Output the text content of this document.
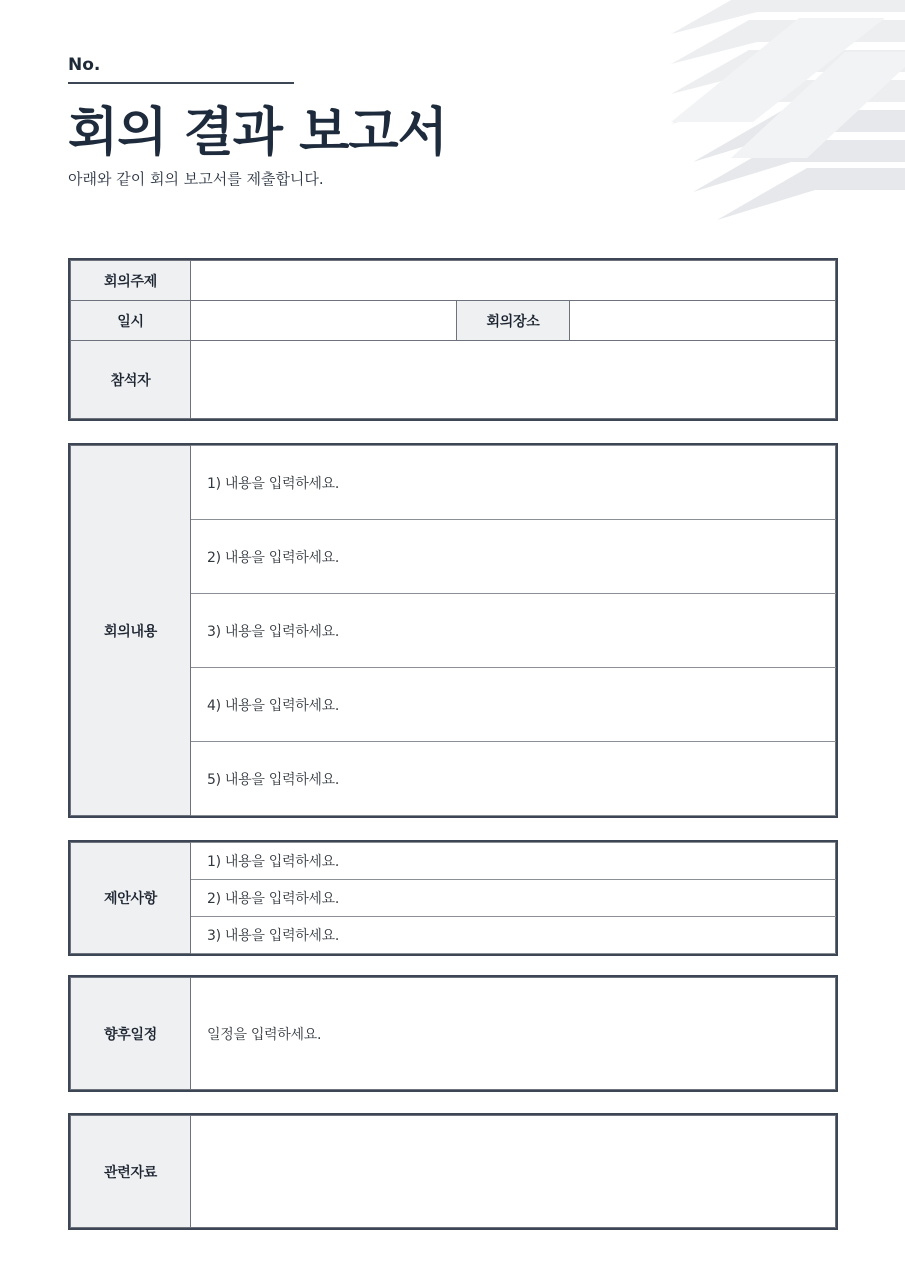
No.
회의 결과 보고서

아래와 같이 회의 보고서를 제출합니다.

회의주제			
일시		회의장소	
참석자			
회의내용	1) 내용을 입력하세요.
2) 내용을 입력하세요.
3) 내용을 입력하세요.
4) 내용을 입력하세요.
5) 내용을 입력하세요.
제안사항	1) 내용을 입력하세요.
2) 내용을 입력하세요.
3) 내용을 입력하세요.
향후일정	일정을 입력하세요.
관련자료	
